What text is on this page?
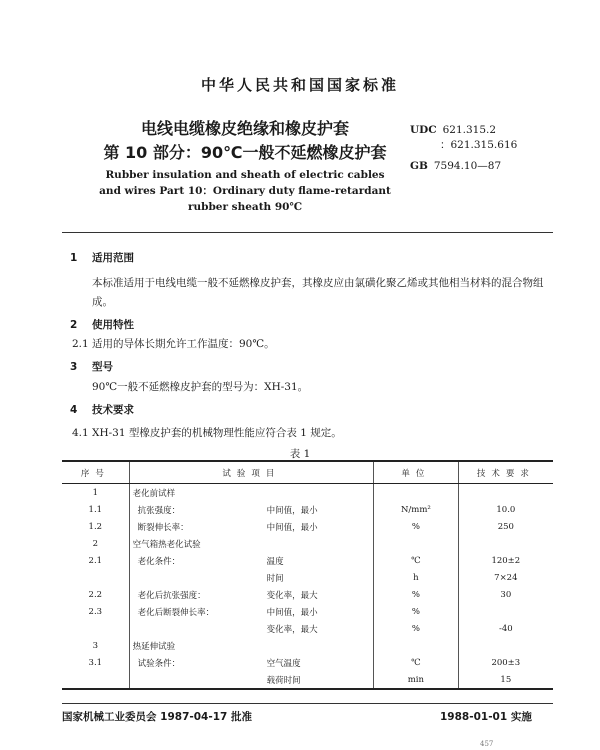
中华人民共和国国家标准
电线电缆橡皮绝缘和橡皮护套
第 10 部分：90℃一般不延燃橡皮护套
Rubber insulation and sheath of electric cables
and wires Part 10：Ordinary duty flame-retardant
rubber sheath 90℃
UDC 621.315.2
：621.315.616
GB 7594.10—87
1 适用范围
本标准适用于电线电缆一般不延燃橡皮护套，其橡皮应由氯磺化聚乙烯或其他相当材料的混合物组成。
2 使用特性
2.1 适用的导体长期允许工作温度：90℃。
3 型号
90℃一般不延燃橡皮护套的型号为：XH-31。
4 技术要求
4.1 XH-31 型橡皮护套的机械物理性能应符合表 1 规定。
表 1
序号	试验项目		单位	技术要求
1	老化前试样			
1.1	抗张强度：	中间值，最小	N/mm²	10.0
1.2	断裂伸长率：	中间值，最小	%	250
2	空气箱热老化试验			
2.1	老化条件：	温度	℃	120±2
		时间	h	7×24
2.2	老化后抗张强度：	变化率，最大	%	30
2.3	老化后断裂伸长率：	中间值，最小	%	
		变化率，最大	%	-40
3	热延伸试验			
3.1	试验条件：	空气温度	℃	200±3
		载荷时间	min	15
国家机械工业委员会 1987-04-17 批准	1988-01-01 实施
457
